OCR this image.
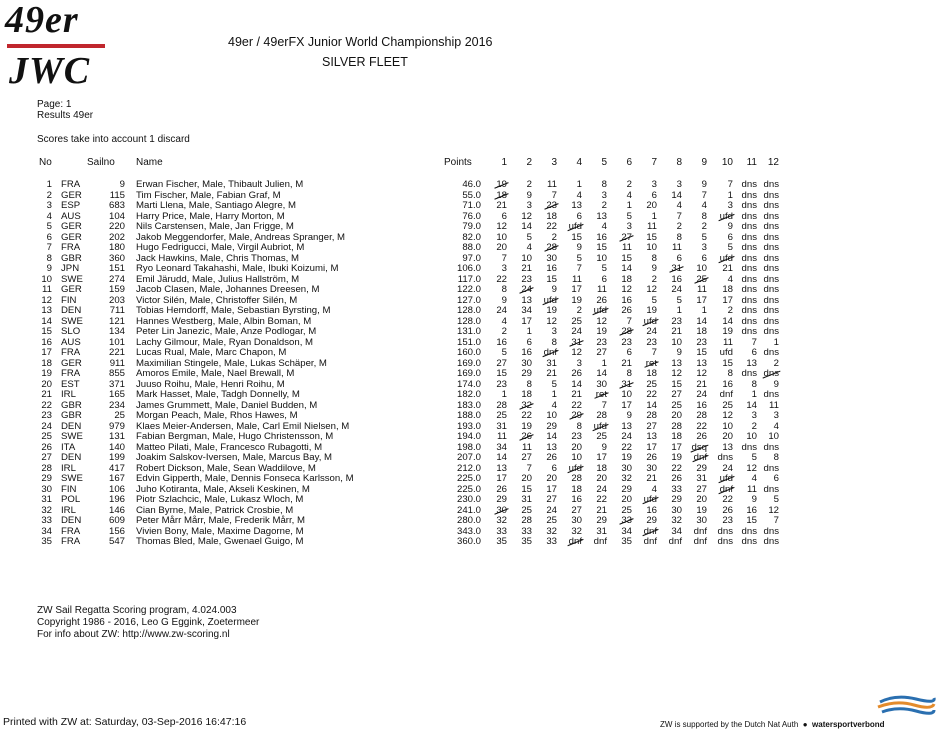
49er
JWC
49er / 49erFX Junior World Championship 2016
SILVER FLEET
Page: 1
Results 49er
Scores take into account 1 discard
No	Sailno Name	Points	1 2 3 4 5 6 7 8 9 10 11 12
1 FRA	9 Erwan Fischer, Male, Thibault Julien, M	46.0 19 2 11 1 8 2 3 3 9 7 dns dns
2 GER	115 Tim Fischer, Male, Fabian Graf, M	55.0 18 9 7 4 3 4 6 14 7 1 dns dns
3 ESP	683 Marti Llena, Male, Santiago Alegre, M	71.0 21 3 23 13 2 1 20 4 4 3 dns dns
4 AUS	104 Harry Price, Male, Harry Morton, M	76.0 6 12 18 6 13 5 1 7 8 ufd dns dns
5 GER	220 Nils Carstensen, Male, Jan Frigge, M	79.0 12 14 22 ufd 4 3 11 2 2 9 dns dns
6 GER	202 Jakob Meggendorfer, Male, Andreas Spranger, M	82.0 10 5 2 15 16 27 15 8 5 6 dns dns
7 FRA	180 Hugo Fedrigucci, Male, Virgil Aubriot, M	88.0 20 4 28 9 15 11 10 11 3 5 dns dns
8 GBR	360 Jack Hawkins, Male, Chris Thomas, M	97.0 7 10 30 5 10 15 8 6 6 ufd dns dns
9 JPN	151 Ryo Leonard Takahashi, Male, Ibuki Koizumi, M	106.0 3 21 16 7 5 14 9 31 10 21 dns dns
10 SWE	274 Emil Järudd, Male, Julius Hallström, M	117.0 22 23 15 11 6 18 2 16 25 4 dns dns
11 GER	159 Jacob Clasen, Male, Johannes Dreesen, M	122.0 8 24 9 17 11 12 12 24 11 18 dns dns
12 FIN	203 Victor Silén, Male, Christoffer Silén, M	127.0 9 13 ufd 19 26 16 5 5 17 17 dns dns
13 DEN	711 Tobias Hemdorff, Male, Sebastian Byrsting, M	128.0 24 34 19 2 ufd 26 19 1 1 2 dns dns
14 SWE	121 Hannes Westberg, Male, Albin Boman, M	128.0 4 17 12 25 12 7 ufd 23 14 14 dns dns
15 SLO	134 Peter Lin Janezic, Male, Anze Podlogar, M	131.0 2 1 3 24 19 28 24 21 18 19 dns dns
16 AUS	101 Lachy Gilmour, Male, Ryan Donaldson, M	151.0 16 6 8 31 23 23 23 10 23 11 7 1
17 FRA	221 Lucas Rual, Male, Marc Chapon, M	160.0 5 16 dnf 12 27 6 7 9 15 ufd 6 dns
18 GER	911 Maximilian Stingele, Male, Lukas Schäper, M	169.0 27 30 31 3 1 21 ret 13 13 15 13 2
19 FRA	855 Amoros Emile, Male, Nael Brewall, M	169.0 15 29 21 26 14 8 18 12 12 8 dns dns
20 EST	371 Juuso Roihu, Male, Henri Roihu, M	174.0 23 8 5 14 30 31 25 15 21 16 8 9
21 IRL	165 Mark Hasset, Male, Tadgh Donnelly, M	182.0 1 18 1 21 ret 10 22 27 24 dnf 1 dns
22 GBR	234 James Grummett, Male, Daniel Budden, M	183.0 28 32 4 22 7 17 14 25 16 25 14 11
23 GBR	25 Morgan Peach, Male, Rhos Hawes, M	188.0 25 22 10 29 28 9 28 20 28 12 3 3
24 DEN	979 Klaes Meier-Andersen, Male, Carl Emil Nielsen, M	193.0 31 19 29 8 ufd 13 27 28 22 10 2 4
25 SWE	131 Fabian Bergman, Male, Hugo Christensson, M	194.0 11 26 14 23 25 24 13 18 26 20 10 10
26 ITA	140 Matteo Pilati, Male, Francesco Rubagotti, M	198.0 34 11 13 20 9 22 17 17 dsq 13 dns dns
27 DEN	199 Joakim Salskov-Iversen, Male, Marcus Bay, M	207.0 14 27 26 10 17 19 26 19 dnf dns 5 8
28 IRL	417 Robert Dickson, Male, Sean Waddilove, M	212.0 13 7 6 ufd 18 30 30 22 29 24 12 dns
29 SWE	167 Edvin Gipperth, Male, Dennis Fonseca Karlsson, M	225.0 17 20 20 28 20 32 21 26 31 ufd 4 6
30 FIN	106 Juho Kotiranta, Male, Akseli Keskinen, M	225.0 26 15 17 18 24 29 4 33 27 dnf 11 dns
31 POL	196 Piotr Szlachcic, Male, Lukasz Wloch, M	230.0 29 31 27 16 22 20 ufd 29 20 22 9 5
32 IRL	146 Cian Byrne, Male, Patrick Crosbie, M	241.0 30 25 24 27 21 25 16 30 19 26 16 12
33 DEN	609 Peter Mårr Mårr, Male, Frederik Mårr, M	280.0 32 28 25 30 29 33 29 32 30 23 15 7
34 FRA	156 Vivien Bony, Male, Maxime Dagorne, M	343.0 33 33 32 32 31 34 dnf 34 dnf dns dns dns
35 FRA	547 Thomas Bled, Male, Gwenael Guigo, M	360.0 35 35 33 dnf dnf 35 dnf dnf dnf dns dns dns
ZW Sail Regatta Scoring program, 4.024.003
Copyright 1986 - 2016, Leo G Eggink, Zoetermeer
For info about ZW: http://www.zw-scoring.nl
Printed with ZW at: Saturday, 03-Sep-2016 16:47:16	ZW is supported by the Dutch Nat Auth  ●  watersportverbond
